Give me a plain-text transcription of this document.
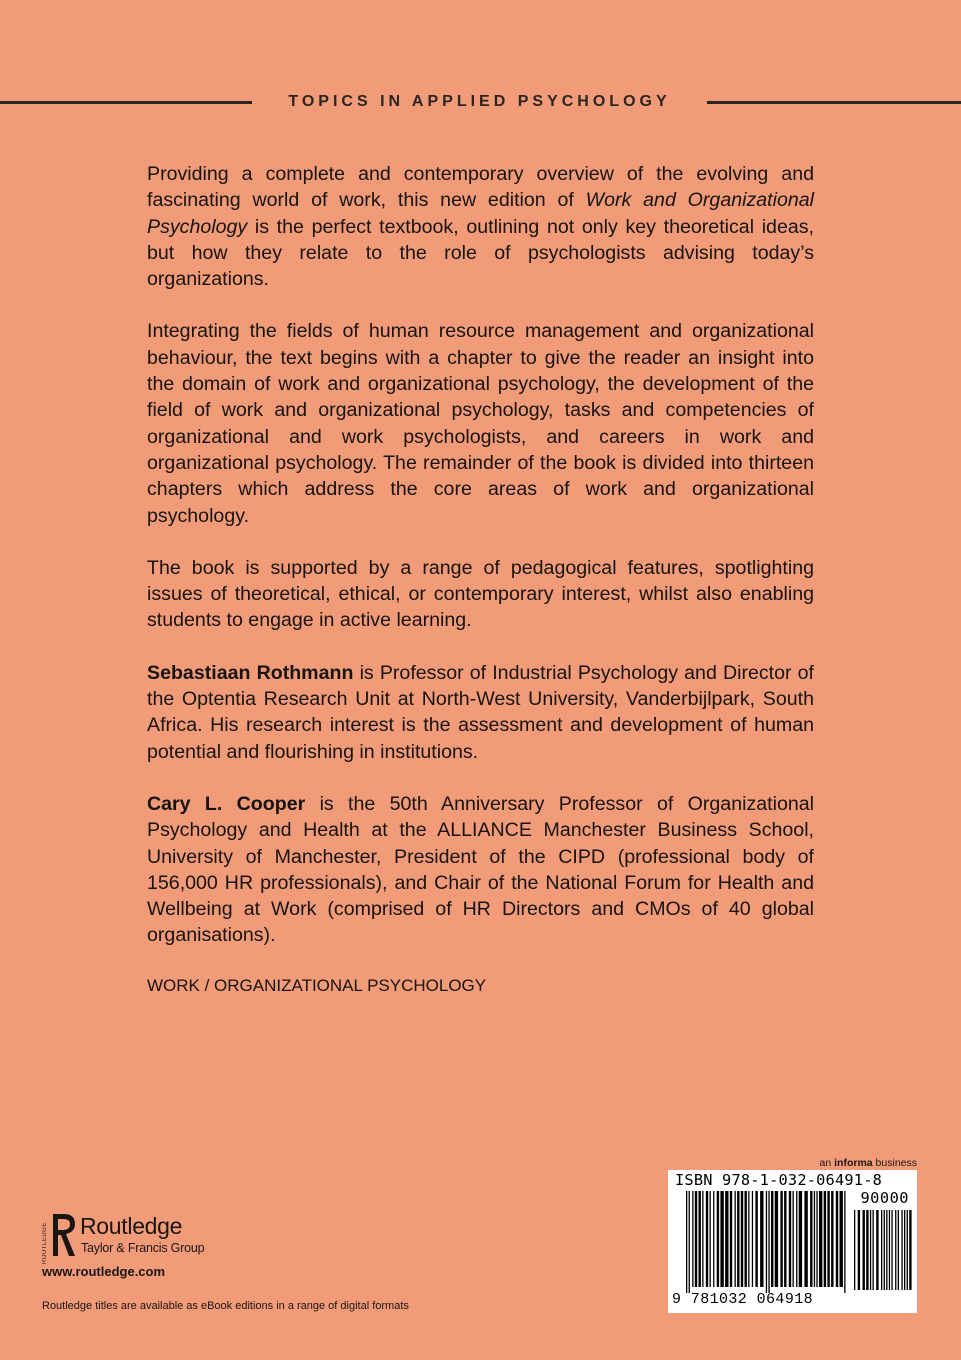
TOPICS IN APPLIED PSYCHOLOGY

Providing a complete and contemporary overview of the evolving and fascinating world of work, this new edition of Work and Organizational Psychology is the perfect textbook, outlining not only key theoretical ideas, but how they relate to the role of psychologists advising today’s organizations.

Integrating the fields of human resource management and organizational behaviour, the text begins with a chapter to give the reader an insight into the domain of work and organizational psychology, the development of the field of work and organizational psychology, tasks and competencies of organizational and work psychologists, and careers in work and organizational psychology. The remainder of the book is divided into thirteen chapters which address the core areas of work and organizational psychology.

The book is supported by a range of pedagogical features, spotlighting issues of theoretical, ethical, or contemporary interest, whilst also enabling students to engage in active learning.

Sebastiaan Rothmann is Professor of Industrial Psychology and Director of the Optentia Research Unit at North-West University, Vanderbijlpark, South Africa. His research interest is the assessment and development of human potential and flourishing in institutions.

Cary L. Cooper is the 50th Anniversary Professor of Organizational Psychology and Health at the ALLIANCE Manchester Business School, University of Manchester, President of the CIPD (professional body of 156,000 HR professionals), and Chair of the National Forum for Health and Wellbeing at Work (comprised of HR Directors and CMOs of 40 global organisations).

WORK / ORGANIZATIONAL PSYCHOLOGY

ROUTLEDGE Routledge
Taylor & Francis Group
www.routledge.com
Routledge titles are available as eBook editions in a range of digital formats
an informa business
ISBN 978-1-032-06491-8
90000
9 781032 064918
